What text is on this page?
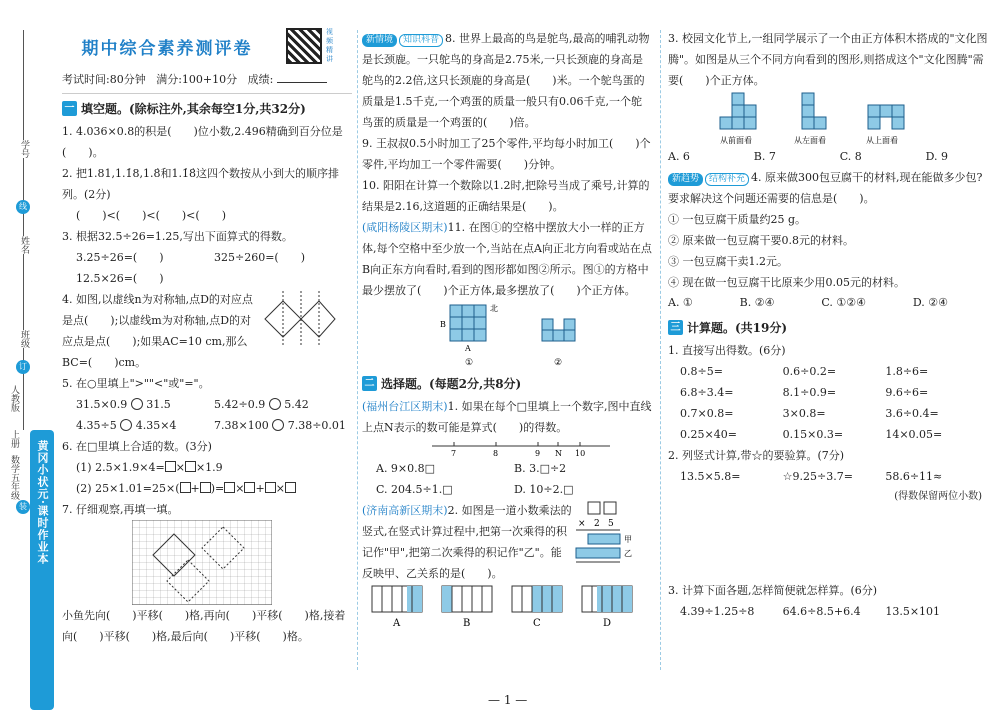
学号
线
姓名
班级
订
人教版
上册
数学五年级
装 黄冈小状元·课时作业本
期中综合素养测评卷
视频精讲
考试时间:80分钟 满分:100+10分 成绩:
一 填空题。(除标注外,其余每空1分,共32分)
1. 4.036×0.8的积是(　　)位小数,2.496精确到百分位是(　　)。
2. 把1.81,1.1̇8,1.8̇和1.1̇8̇这四个数按从小到大的顺序排列。(2分)
(　　)<(　　)<(　　)<(　　)
3. 根据32.5÷26=1.25,写出下面算式的得数。
3.25÷26=(　　)	325÷260=(　　)
12.5×26=(　　)
4. 如图,以虚线n为对称轴,点D的对应点是点(　　);以虚线m为对称轴,点D的对应点是点(　　);如果AC=10 cm,那么BC=(　　)cm。
5. 在○里填上">""<"或"="。
31.5×0.9 31.5	5.42÷0.9 5.42
4.35÷5 4.35×4	7.38×100 7.38÷0.01
6. 在□里填上合适的数。(3分)
(1) 2.5×1.9×4= × ×1.9
(2) 25×1.01=25×( + )= × + ×
7. 仔细观察,再填一填。
小鱼先向(　　)平移(　　)格,再向(　　)平移(　　)格,接着向(　　)平移(　　)格,最后向(　　)平移(　　)格。
新情境 知识科普 8. 世界上最高的鸟是鸵鸟,最高的哺乳动物是长颈鹿。一只鸵鸟的身高是2.75米,一只长颈鹿的身高是鸵鸟的2.2倍,这只长颈鹿的身高是(　　)米。一个鸵鸟蛋的质量是1.5千克,一个鸡蛋的质量一般只有0.06千克,一个鸵鸟蛋的质量是一个鸡蛋的(　　)倍。
9. 王叔叔0.5小时加工了25个零件,平均每小时加工(　　)个零件,平均加工一个零件需要(　　)分钟。
10. 阳阳在计算一个数除以1.2时,把除号当成了乘号,计算的结果是2.16,这道题的正确结果是(　　)。
(咸阳杨陵区期末)11. 在图①的空格中摆放大小一样的正方体,每个空格中至少放一个,当站在点A向正北方向看或站在点B向正东方向看时,看到的图形都如图②所示。图①的方格中最少摆放了(　　)个正方体,最多摆放了(　　)个正方体。
北
B
A
①	②
二 选择题。(每题2分,共8分)
(福州台江区期末)1. 如果在每个□里填上一个数字,图中直线上点N表示的数可能是算式(　　)的得数。
7	8	9 N 10
A. 9×0.8□	B. 3.□÷2
C. 204.5÷1.□	D. 10÷2.□
(济南高新区期末)2. 如图是一道小数乘法的竖式,在竖式计算过程中,把第一次乘得的积记作"甲",把第二次乘得的积记作"乙"。能反映甲、乙关系的是(　　)。
× 2 5
甲
乙
A	B	C	D
3. 校园文化节上,一组同学展示了一个由正方体积木搭成的"文化图腾"。如图是从三个不同方向看到的图形,则搭成这个"文化图腾"需要(　　)个正方体。
从前面看	从左面看	从上面看
A. 6	B. 7	C. 8	D. 9
新趋势 结构补充 4. 原来做300包豆腐干的材料,现在能做多少包?要求解决这个问题还需要的信息是(　　)。
① 一包豆腐干质量约25 g。
② 原来做一包豆腐干要0.8元的材料。
③ 一包豆腐干卖1.2元。
④ 现在做一包豆腐干比原来少用0.05元的材料。
A. ①	B. ②④	C. ①②④	D. ②④
三 计算题。(共19分)
1. 直接写出得数。(6分)
0.8÷5=	0.6÷0.2=	1.8÷6=
6.8÷3.4=	8.1÷0.9=	9.6÷6=
0.7×0.8=	3×0.8=	3.6÷0.4=
0.25×40=	0.15×0.3=	14×0.05=
2. 列竖式计算,带☆的要验算。(7分)
13.5×5.8=	☆9.25÷3.7=	58.6÷11≈
(得数保留两位小数)
3. 计算下面各题,怎样简便就怎样算。(6分)
4.39÷1.25÷8	64.6÷8.5+6.4	13.5×101
— 1 —
